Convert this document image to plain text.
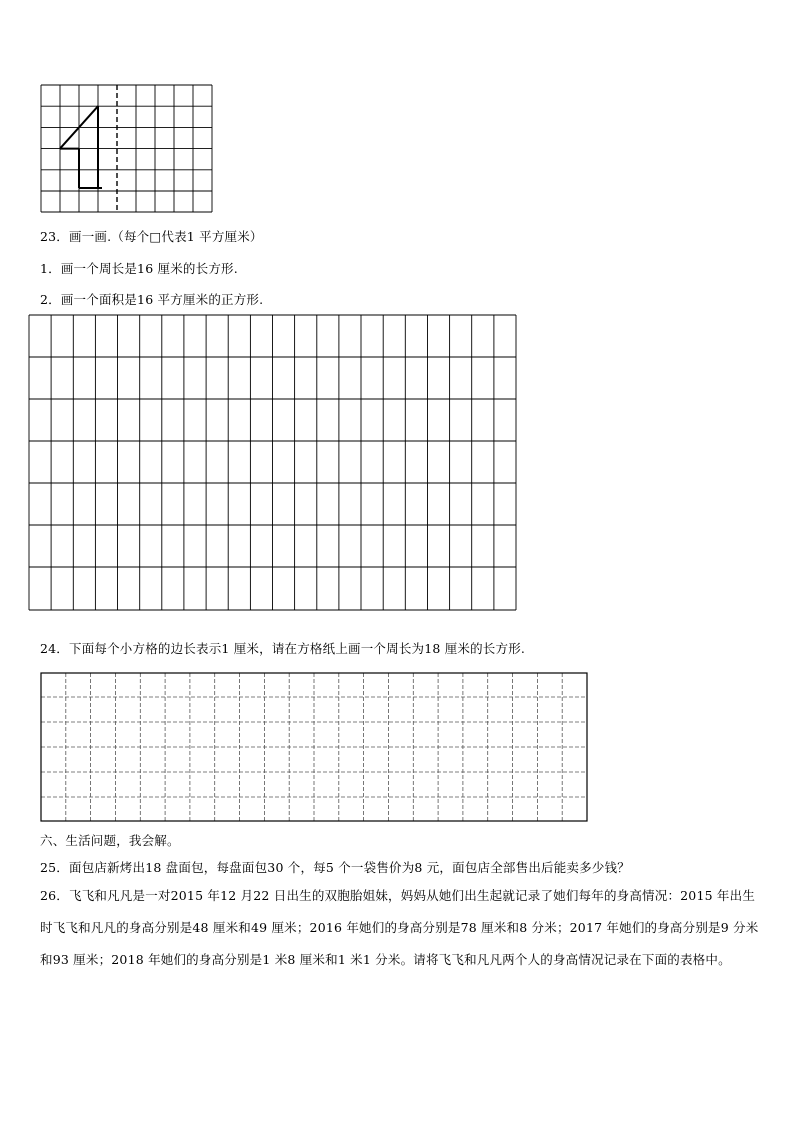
23．画一画.（每个□代表1 平方厘米）
1．画一个周长是16 厘米的长方形.
2．画一个面积是16 平方厘米的正方形.
24．下面每个小方格的边长表示1 厘米，请在方格纸上画一个周长为18 厘米的长方形.
六、生活问题，我会解。
25．面包店新烤出18 盘面包，每盘面包30 个，每5 个一袋售价为8 元，面包店全部售出后能卖多少钱？
26．飞飞和凡凡是一对2015 年12 月22 日出生的双胞胎姐妹，妈妈从她们出生起就记录了她们每年的身高情况：2015 年出生时飞飞和凡凡的身高分别是48 厘米和49 厘米；2016 年她们的身高分别是78 厘米和8 分米；2017 年她们的身高分别是9 分米和93 厘米；2018 年她们的身高分别是1 米8 厘米和1 米1 分米。请将飞飞和凡凡两个人的身高情况记录在下面的表格中。
